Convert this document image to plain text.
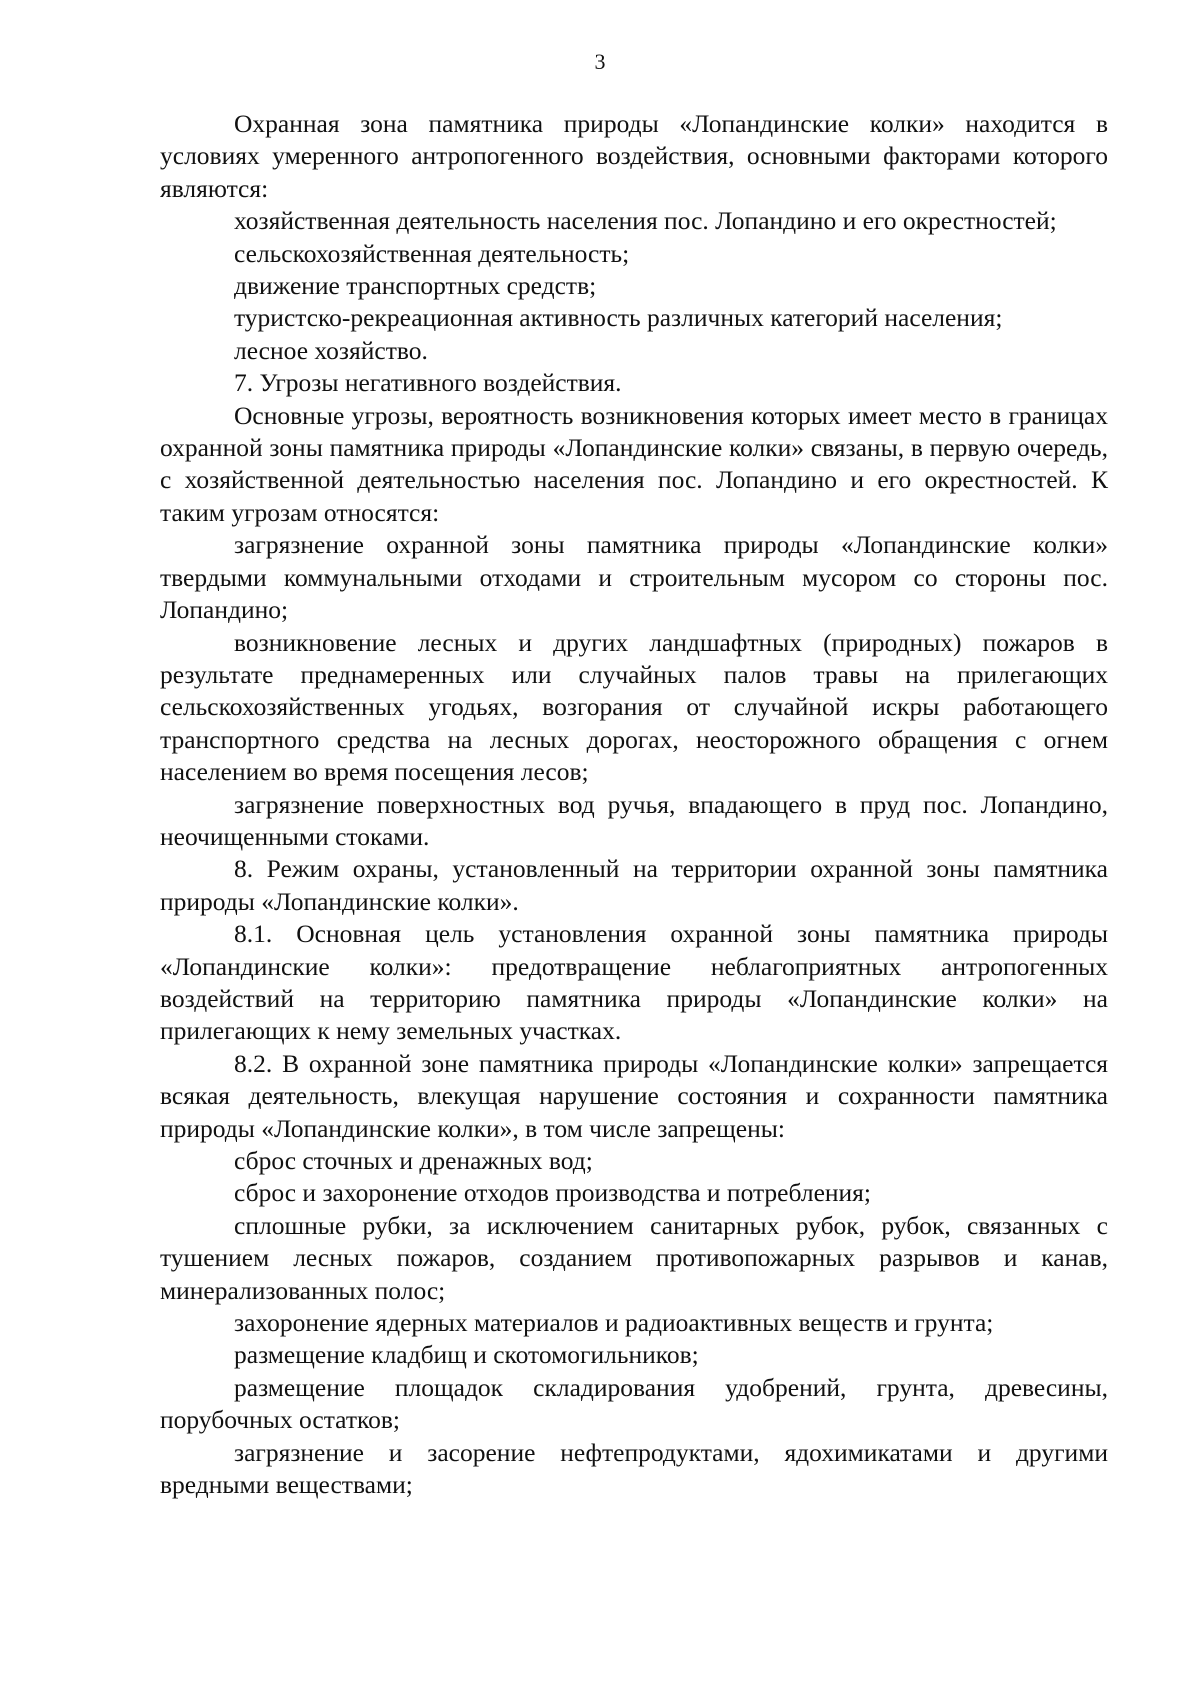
3

Охранная зона памятника природы «Лопандинские колки» находится в условиях умеренного антропогенного воздействия, основными факторами которого являются:

хозяйственная деятельность населения пос. Лопандино и его окрестностей;

сельскохозяйственная деятельность;

движение транспортных средств;

туристско-рекреационная активность различных категорий населения;

лесное хозяйство.

7. Угрозы негативного воздействия.

Основные угрозы, вероятность возникновения которых имеет место в границах охранной зоны памятника природы «Лопандинские колки» связаны, в первую очередь, с хозяйственной деятельностью населения пос. Лопандино и его окрестностей. К таким угрозам относятся:

загрязнение охранной зоны памятника природы «Лопандинские колки» твердыми коммунальными отходами и строительным мусором со стороны пос. Лопандино;

возникновение лесных и других ландшафтных (природных) пожаров в результате преднамеренных или случайных палов травы на прилегающих сельскохозяйственных угодьях, возгорания от случайной искры работающего транспортного средства на лесных дорогах, неосторожного обращения с огнем населением во время посещения лесов;

загрязнение поверхностных вод ручья, впадающего в пруд пос. Лопандино, неочищенными стоками.

8. Режим охраны, установленный на территории охранной зоны памятника природы «Лопандинские колки».

8.1. Основная цель установления охранной зоны памятника природы «Лопандинские колки»: предотвращение неблагоприятных антропогенных воздействий на территорию памятника природы «Лопандинские колки» на прилегающих к нему земельных участках.

8.2. В охранной зоне памятника природы «Лопандинские колки» запрещается всякая деятельность, влекущая нарушение состояния и сохранности памятника природы «Лопандинские колки», в том числе запрещены:

сброс сточных и дренажных вод;

сброс и захоронение отходов производства и потребления;

сплошные рубки, за исключением санитарных рубок, рубок, связанных с тушением лесных пожаров, созданием противопожарных разрывов и канав, минерализованных полос;

захоронение ядерных материалов и радиоактивных веществ и грунта;

размещение кладбищ и скотомогильников;

размещение площадок складирования удобрений, грунта, древесины, порубочных остатков;

загрязнение и засорение нефтепродуктами, ядохимикатами и другими вредными веществами;
